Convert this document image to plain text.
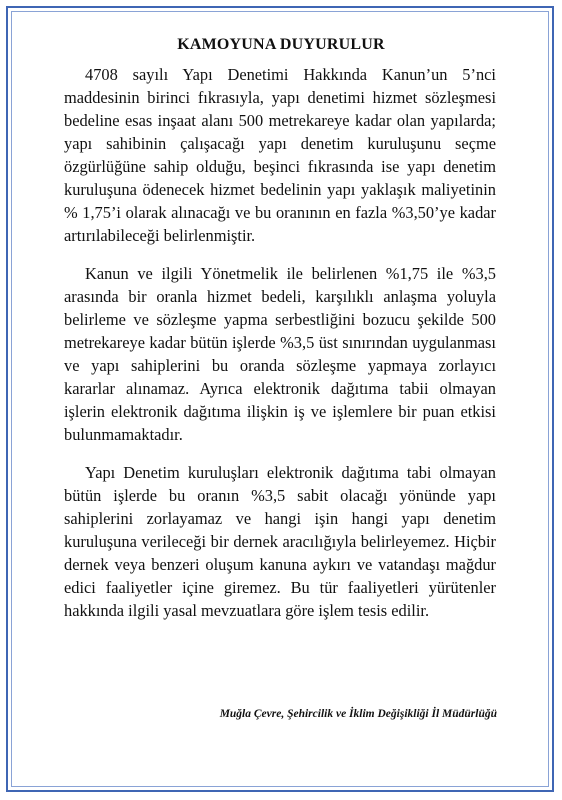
KAMOYUNA DUYURULUR

4708 sayılı Yapı Denetimi Hakkında Kanun’un 5’nci maddesinin birinci fıkrasıyla, yapı denetimi hizmet sözleşmesi bedeline esas inşaat alanı 500 metrekareye kadar olan yapılarda; yapı sahibinin çalışacağı yapı denetim kuruluşunu seçme özgürlüğüne sahip olduğu, beşinci fıkrasında ise yapı denetim kuruluşuna ödenecek hizmet bedelinin yapı yaklaşık maliyetinin % 1,75’i olarak alınacağı ve bu oranının en fazla %3,50’ye kadar artırılabileceği belirlenmiştir.

Kanun ve ilgili Yönetmelik ile belirlenen %1,75 ile %3,5 arasında bir oranla hizmet bedeli, karşılıklı anlaşma yoluyla belirleme ve sözleşme yapma serbestliğini bozucu şekilde 500 metrekareye kadar bütün işlerde %3,5 üst sınırından uygulanması ve yapı sahiplerini bu oranda sözleşme yapmaya zorlayıcı kararlar alınamaz. Ayrıca elektronik dağıtıma tabii olmayan işlerin elektronik dağıtıma ilişkin iş ve işlemlere bir puan etkisi bulunmamaktadır.

Yapı Denetim kuruluşları elektronik dağıtıma tabi olmayan bütün işlerde bu oranın %3,5 sabit olacağı yönünde yapı sahiplerini zorlayamaz ve hangi işin hangi yapı denetim kuruluşuna verileceği bir dernek aracılığıyla belirleyemez. Hiçbir dernek veya benzeri oluşum kanuna aykırı ve vatandaşı mağdur edici faaliyetler içine giremez. Bu tür faaliyetleri yürütenler hakkında ilgili yasal mevzuatlara göre işlem tesis edilir.

Muğla Çevre, Şehircilik ve İklim Değişikliği İl Müdürlüğü
